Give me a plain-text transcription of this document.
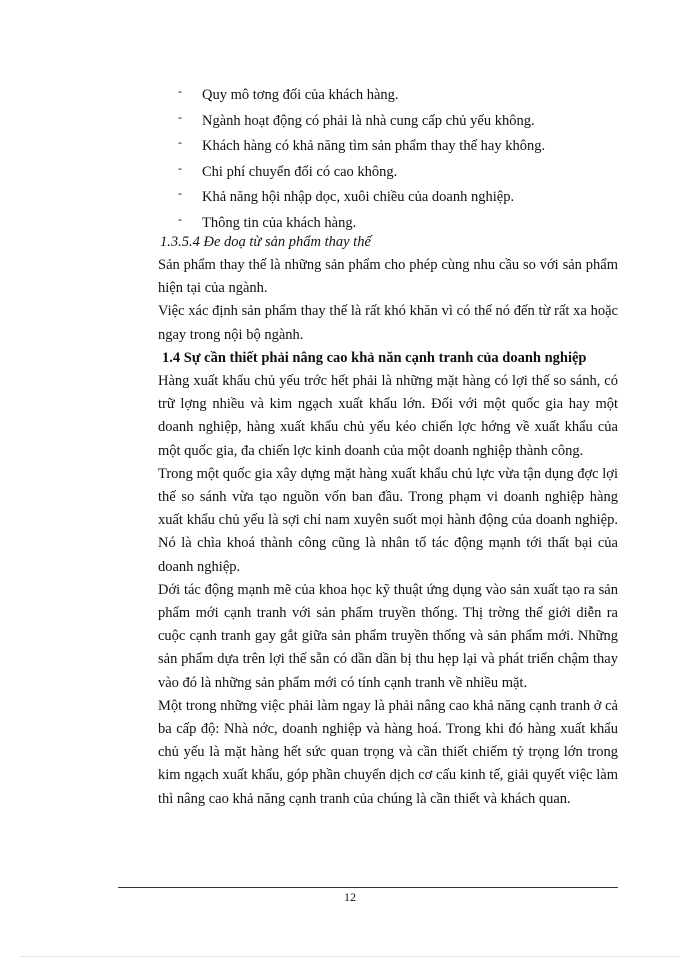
- Quy mô tơng đối của khách hàng.
- Ngành hoạt động có phải là nhà cung cấp chủ yếu không.
- Khách hàng có khả năng tìm sản phẩm thay thế hay không.
- Chi phí chuyển đổi có cao không.
- Khả năng hội nhập dọc, xuôi chiều của doanh nghiệp.
- Thông tin của khách hàng.

1.3.5.4 Đe doạ từ sản phẩm thay thế

Sản phẩm thay thế là những sản phẩm cho phép cùng nhu cầu so với sản phẩm hiện tại của ngành.

Việc xác định sản phẩm thay thế là rất khó khăn vì có thể nó đến từ rất xa hoặc ngay trong nội bộ ngành.

1.4 Sự cần thiết phải nâng cao khả năn cạnh tranh của doanh nghiệp

Hàng xuất khẩu chủ yếu trớc hết phải là những mặt hàng có lợi thế so sánh, có trữ lợng nhiều và kim ngạch xuất khẩu lớn. Đối với một quốc gia hay một doanh nghiệp, hàng xuất khẩu chủ yếu kéo chiến lợc hớng về xuất khẩu của một quốc gia, đa chiến lợc kinh doanh của một doanh nghiệp thành công.

Trong một quốc gia xây dựng mặt hàng xuất khẩu chủ lực vừa tận dụng đợc lợi thế so sánh vừa tạo nguồn vốn ban đầu. Trong phạm vi doanh nghiệp hàng xuất khẩu chủ yếu là sợi chỉ nam xuyên suốt mọi hành động của doanh nghiệp. Nó là chìa khoá thành công cũng là nhân tố tác động mạnh tới thất bại của doanh nghiệp.

Dới tác động mạnh mẽ của khoa học kỹ thuật ứng dụng vào sản xuất tạo ra sản phẩm mới cạnh tranh với sản phẩm truyền thống. Thị trờng thế giới diễn ra cuộc cạnh tranh gay gắt giữa sản phẩm truyền thống và sản phẩm mới. Những sản phẩm dựa trên lợi thế sẵn có dần dần bị thu hẹp lại và phát triển chậm thay vào đó là những sản phẩm mới có tính cạnh tranh về nhiều mặt.

Một trong những việc phải làm ngay là phải nâng cao khả năng cạnh tranh ở cả ba cấp độ: Nhà nớc, doanh nghiệp và hàng hoá. Trong khi đó hàng xuất khẩu chủ yếu là mặt hàng hết sức quan trọng và cần thiết chiếm tỷ trọng lớn trong kim ngạch xuất khẩu, góp phần chuyển dịch cơ cấu kinh tế, giải quyết việc làm thì nâng cao khả năng cạnh tranh của chúng là cần thiết và khách quan.

12
